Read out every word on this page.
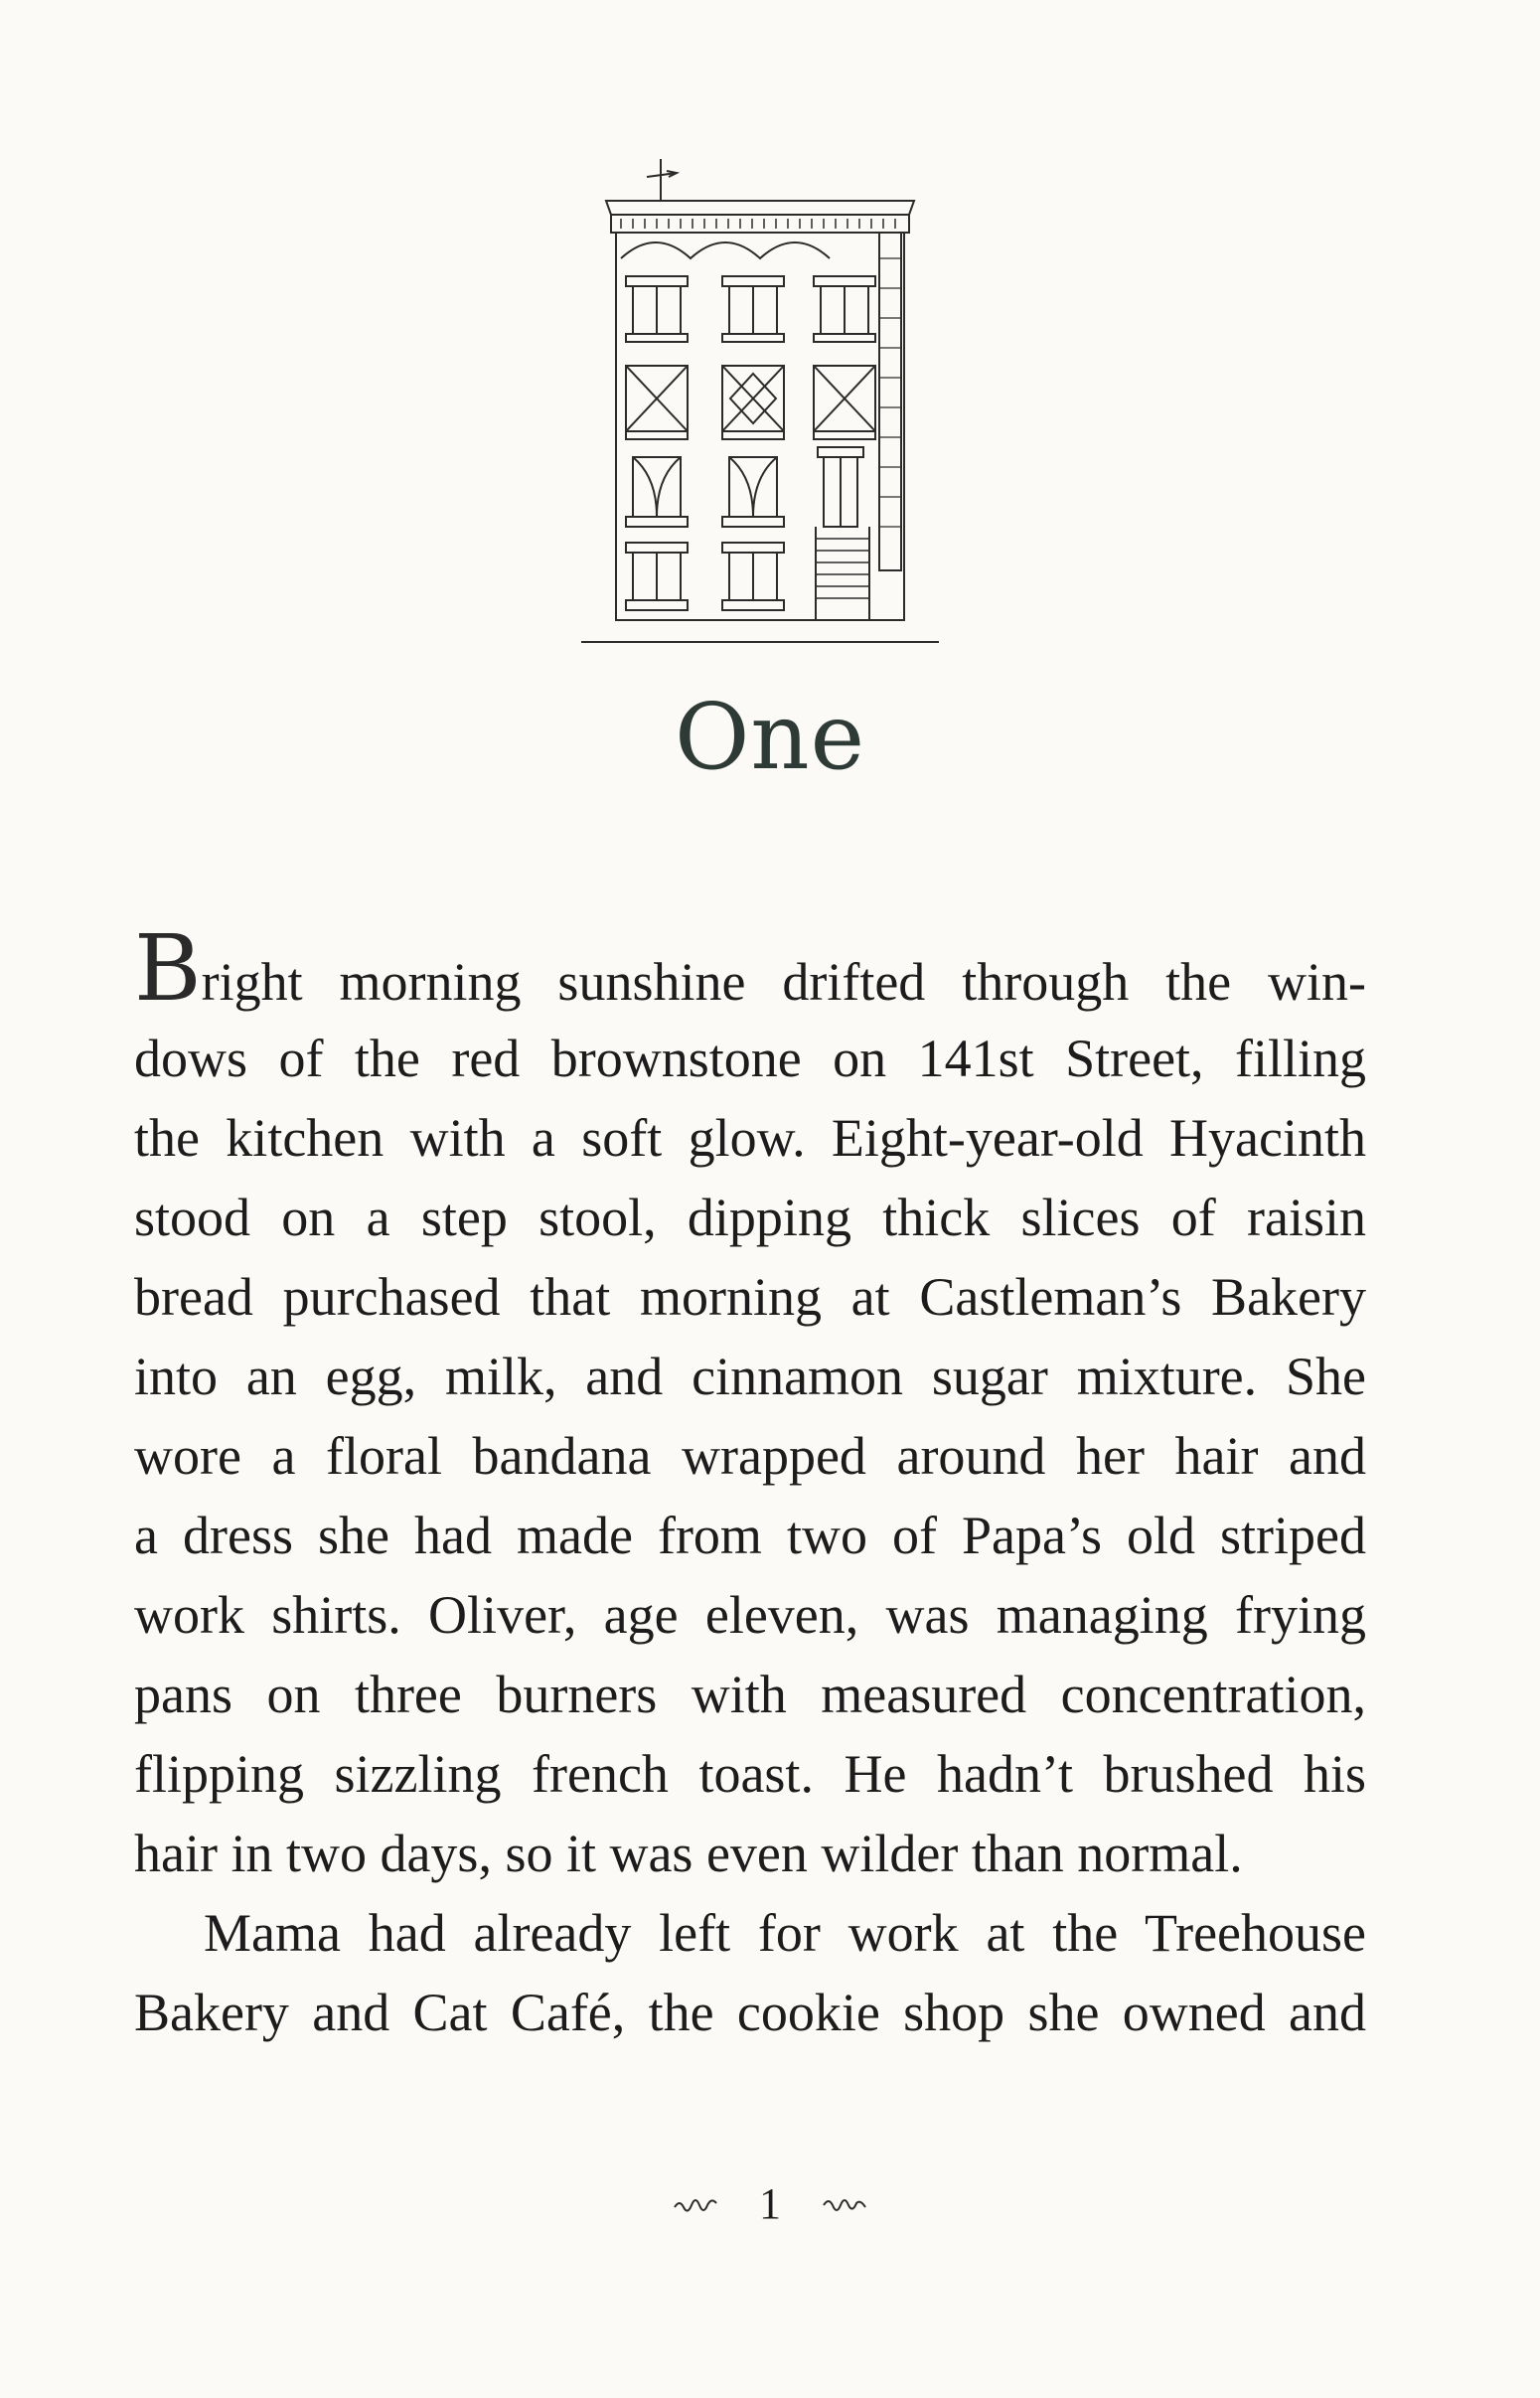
One
Bright morning sunshine drifted through the win-
dows of the red brownstone on 141st Street, filling
the kitchen with a soft glow. Eight-year-old Hyacinth
stood on a step stool, dipping thick slices of raisin
bread purchased that morning at Castleman’s Bakery
into an egg, milk, and cinnamon sugar mixture. She
wore a floral bandana wrapped around her hair and
a dress she had made from two of Papa’s old striped
work shirts. Oliver, age eleven, was managing frying
pans on three burners with measured concentration,
flipping sizzling french toast. He hadn’t brushed his
hair in two days, so it was even wilder than normal.
Mama had already left for work at the Treehouse
Bakery and Cat Café, the cookie shop she owned and
1
